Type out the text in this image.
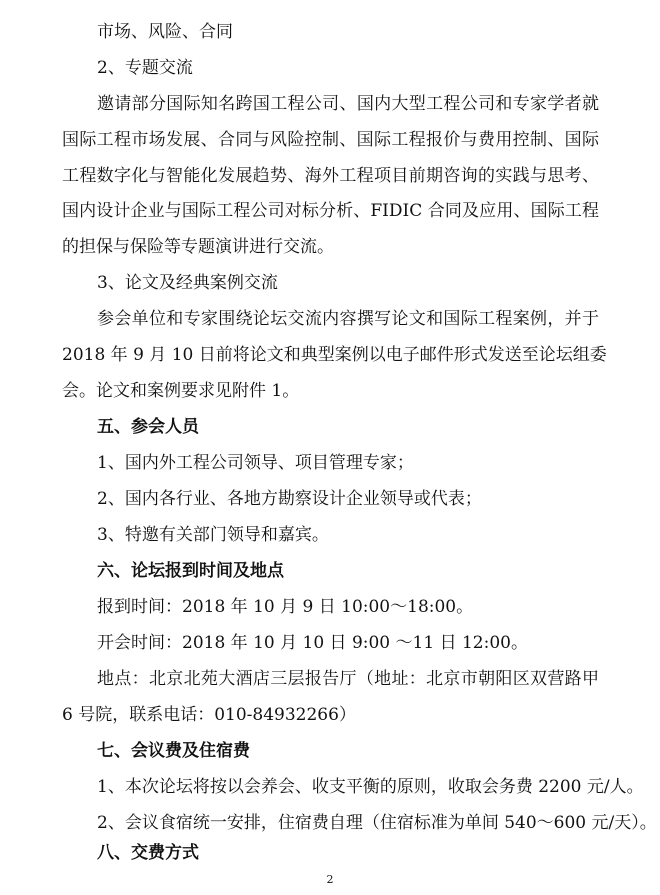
市场、风险、合同
2、专题交流
邀请部分国际知名跨国工程公司、国内大型工程公司和专家学者就
国际工程市场发展、合同与风险控制、国际工程报价与费用控制、国际
工程数字化与智能化发展趋势、海外工程项目前期咨询的实践与思考、
国内设计企业与国际工程公司对标分析、FIDIC 合同及应用、国际工程
的担保与保险等专题演讲进行交流。
3、论文及经典案例交流
参会单位和专家围绕论坛交流内容撰写论文和国际工程案例，并于
2018 年 9 月 10 日前将论文和典型案例以电子邮件形式发送至论坛组委
会。论文和案例要求见附件 1。
五、参会人员
1、国内外工程公司领导、项目管理专家；
2、国内各行业、各地方勘察设计企业领导或代表；
3、特邀有关部门领导和嘉宾。
六、论坛报到时间及地点
报到时间：2018 年 10 月 9 日 10:00～18:00。
开会时间：2018 年 10 月 10 日 9:00 ～11 日 12:00。
地点：北京北苑大酒店三层报告厅（地址：北京市朝阳区双营路甲
6 号院，联系电话：010-84932266）
七、会议费及住宿费
1、本次论坛将按以会养会、收支平衡的原则，收取会务费 2200 元/人。
2、会议食宿统一安排，住宿费自理（住宿标准为单间 540～600 元/天）。
八、交费方式
2
